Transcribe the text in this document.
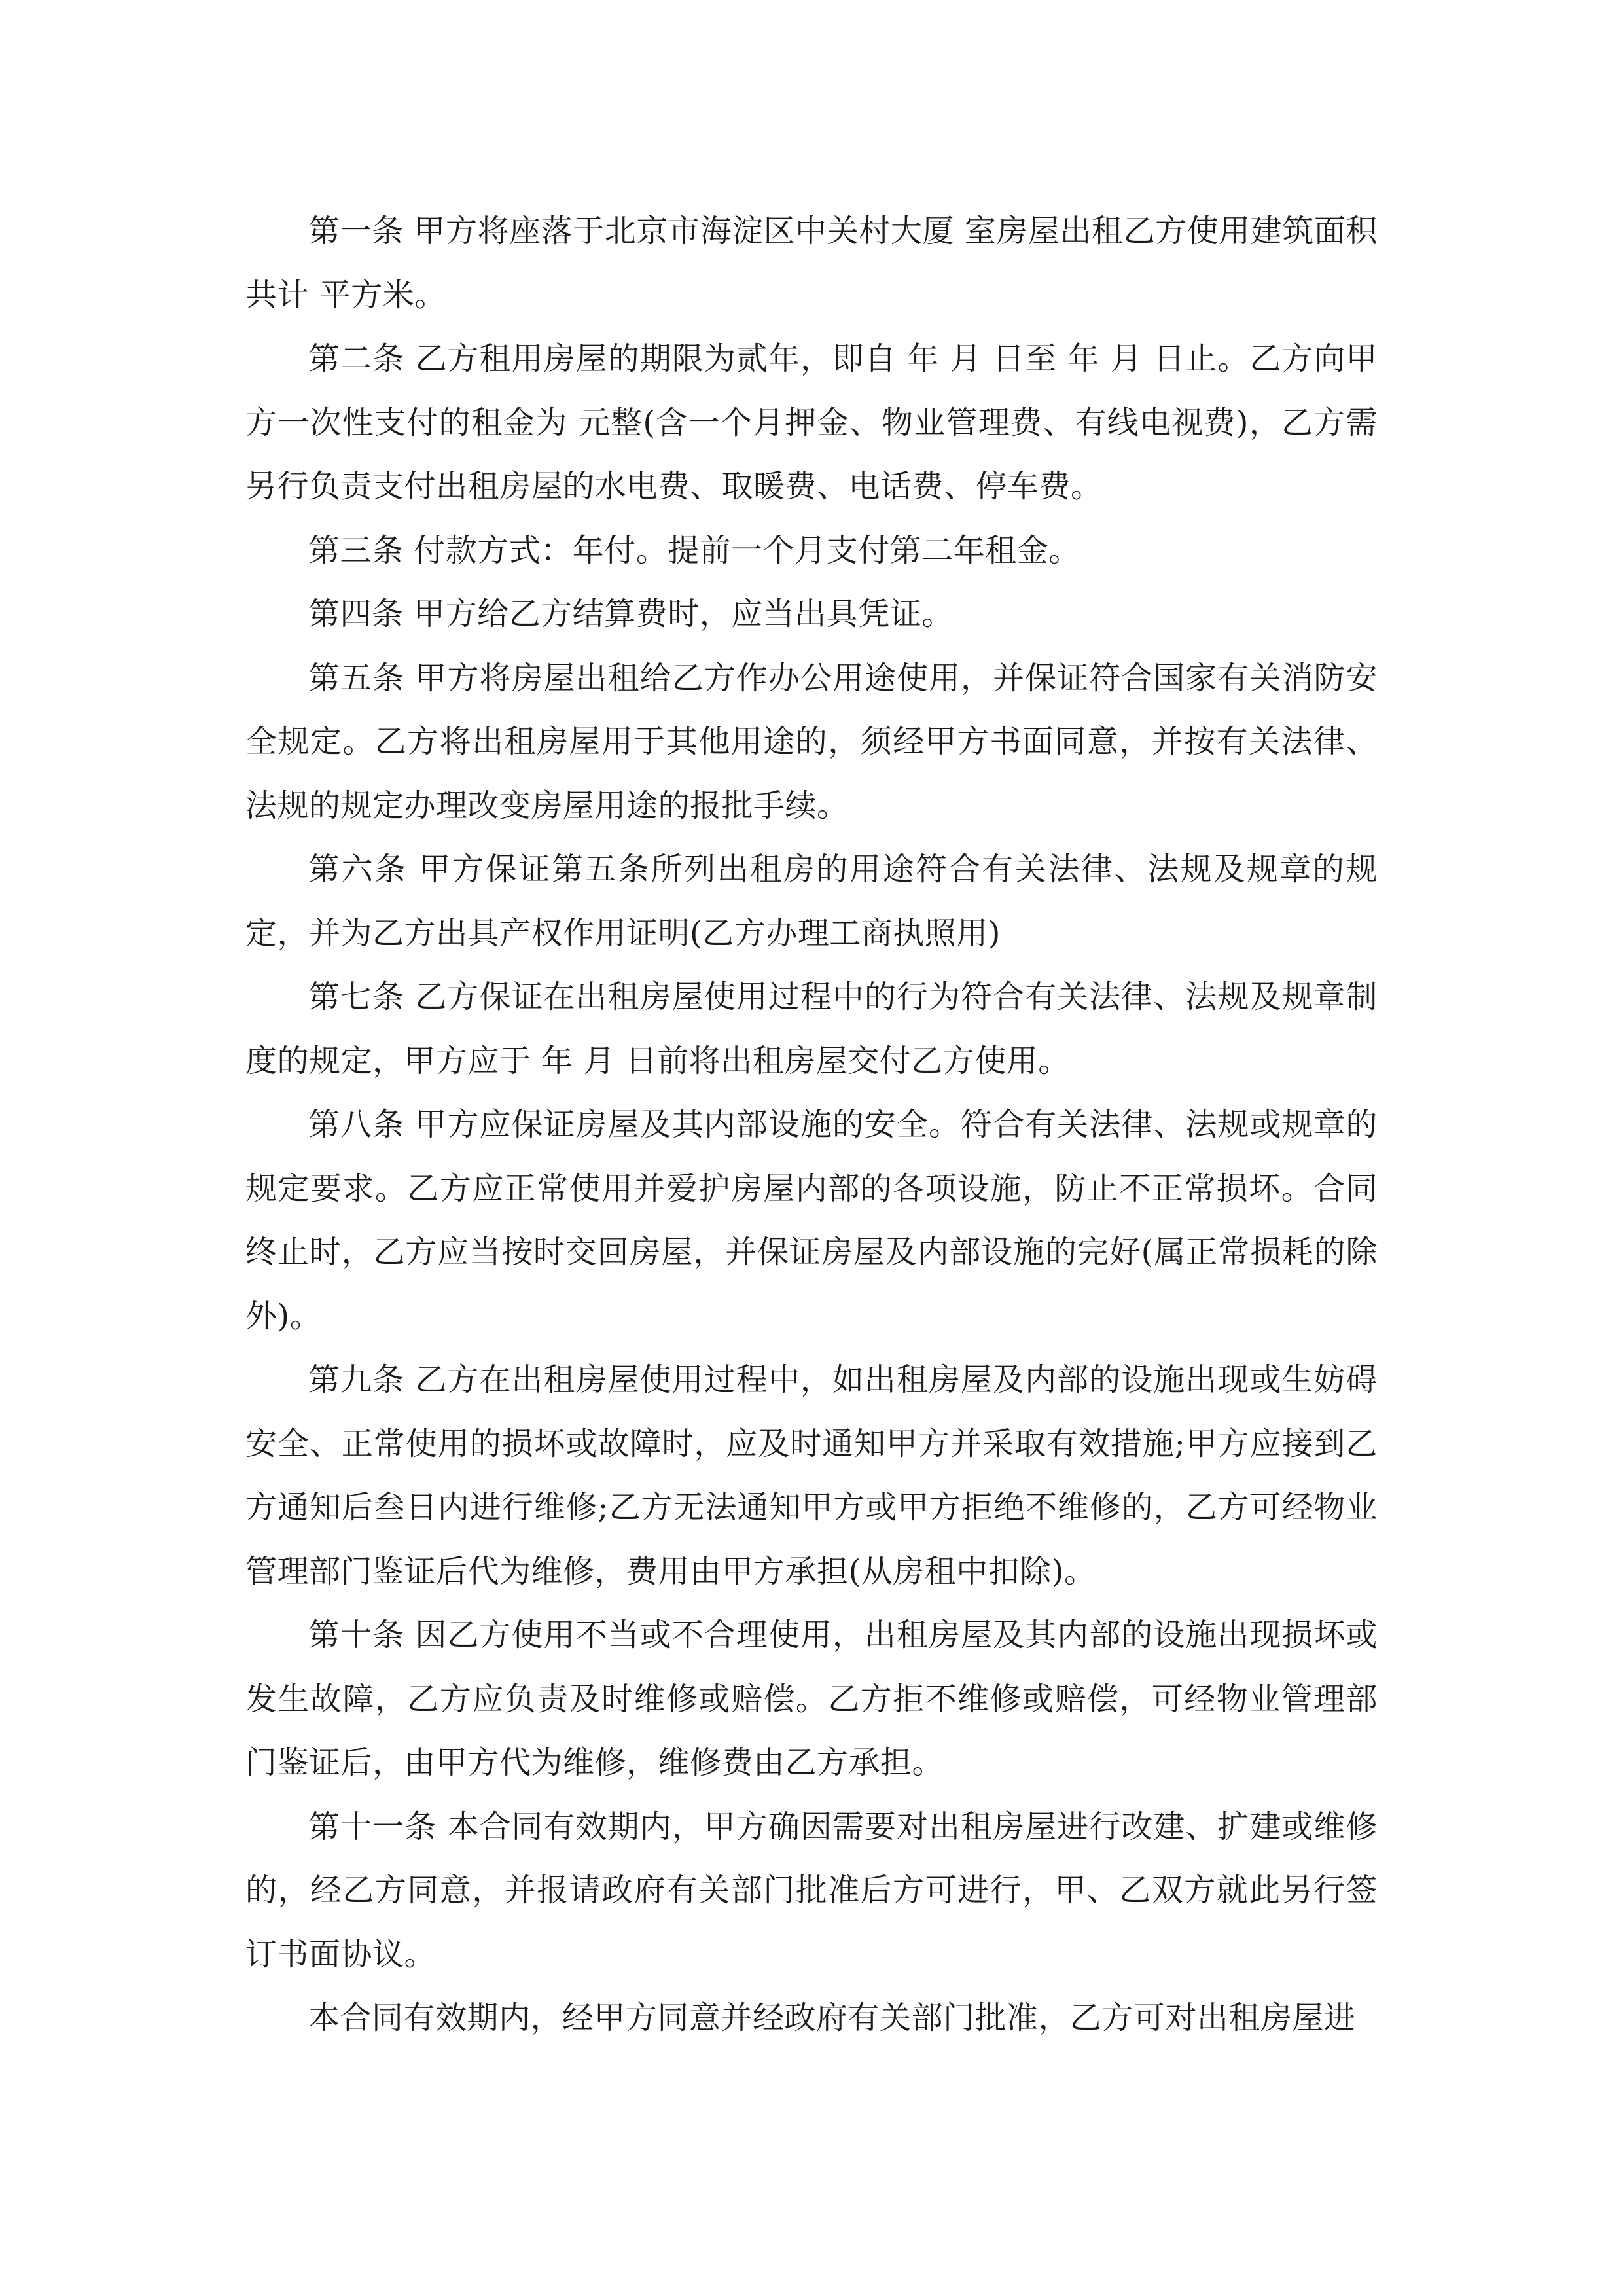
第一条 甲方将座落于北京市海淀区中关村大厦 室房屋出租乙方使用建筑面积共计 平方米。

第二条 乙方租用房屋的期限为贰年，即自 年 月 日至 年 月 日止。乙方向甲方一次性支付的租金为 元整(含一个月押金、物业管理费、有线电视费)，乙方需另行负责支付出租房屋的水电费、取暖费、电话费、停车费。

第三条 付款方式：年付。提前一个月支付第二年租金。

第四条 甲方给乙方结算费时，应当出具凭证。

第五条 甲方将房屋出租给乙方作办公用途使用，并保证符合国家有关消防安全规定。乙方将出租房屋用于其他用途的，须经甲方书面同意，并按有关法律、法规的规定办理改变房屋用途的报批手续。

第六条 甲方保证第五条所列出租房的用途符合有关法律、法规及规章的规定，并为乙方出具产权作用证明(乙方办理工商执照用)

第七条 乙方保证在出租房屋使用过程中的行为符合有关法律、法规及规章制度的规定，甲方应于 年 月 日前将出租房屋交付乙方使用。

第八条 甲方应保证房屋及其内部设施的安全。符合有关法律、法规或规章的规定要求。乙方应正常使用并爱护房屋内部的各项设施，防止不正常损坏。合同终止时，乙方应当按时交回房屋，并保证房屋及内部设施的完好(属正常损耗的除外)。

第九条 乙方在出租房屋使用过程中，如出租房屋及内部的设施出现或生妨碍安全、正常使用的损坏或故障时，应及时通知甲方并采取有效措施;甲方应接到乙方通知后叁日内进行维修;乙方无法通知甲方或甲方拒绝不维修的，乙方可经物业管理部门鉴证后代为维修，费用由甲方承担(从房租中扣除)。

第十条 因乙方使用不当或不合理使用，出租房屋及其内部的设施出现损坏或发生故障，乙方应负责及时维修或赔偿。乙方拒不维修或赔偿，可经物业管理部门鉴证后，由甲方代为维修，维修费由乙方承担。

第十一条 本合同有效期内，甲方确因需要对出租房屋进行改建、扩建或维修的，经乙方同意，并报请政府有关部门批准后方可进行，甲、乙双方就此另行签订书面协议。

本合同有效期内，经甲方同意并经政府有关部门批准，乙方可对出租房屋进
